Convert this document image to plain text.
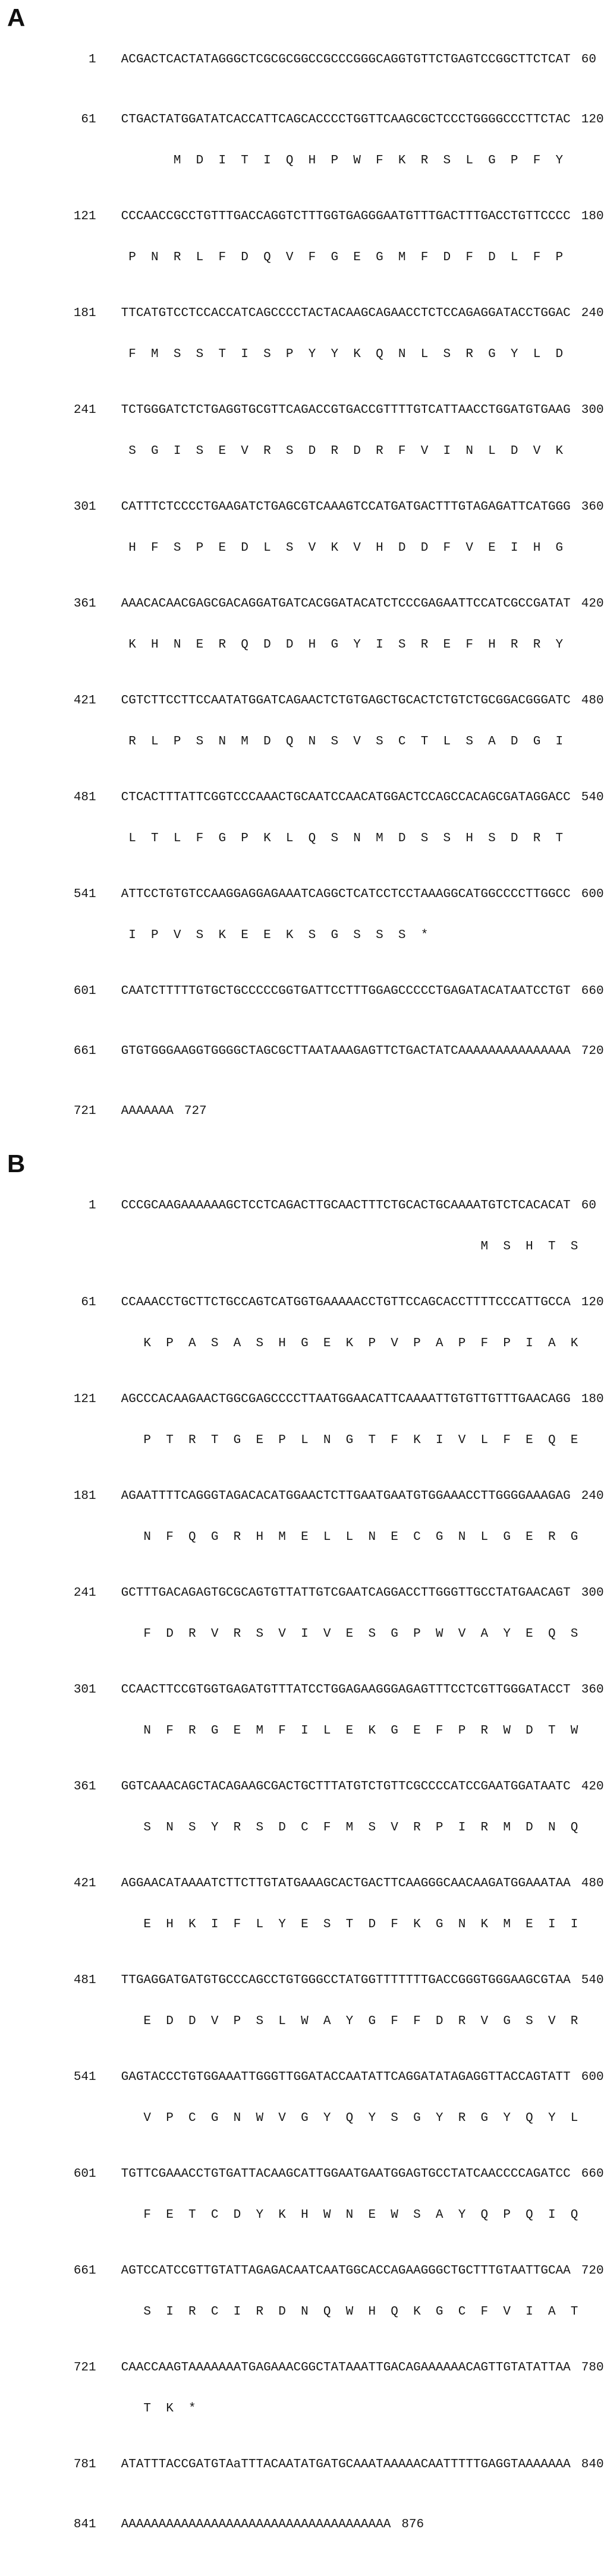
A

1 ACGACTCACTATAGGGCTCGCGCGGCCGCCCGGGCAGGTGTTCTGAGTCCGGCTTCTCAT 60

61 CTGACTATGGATATCACCATTCAGCACCCCTGGTTCAAGCGCTCCCTGGGGCCCTTCTAC 120

M  D  I  T  I  Q  H  P  W  F  K  R  S  L  G  P  F  Y

121 CCCAACCGCCTGTTTGACCAGGTCTTTGGTGAGGGAATGTTTGACTTTGACCTGTTCCCC 180

P  N  R  L  F  D  Q  V  F  G  E  G  M  F  D  F  D  L  F  P

181 TTCATGTCCTCCACCATCAGCCCCTACTACAAGCAGAACCTCTCCAGAGGATACCTGGAC 240

F  M  S  S  T  I  S  P  Y  Y  K  Q  N  L  S  R  G  Y  L  D

241 TCTGGGATCTCTGAGGTGCGTTCAGACCGTGACCGTTTTGTCATTAACCTGGATGTGAAG 300

S  G  I  S  E  V  R  S  D  R  D  R  F  V  I  N  L  D  V  K

301 CATTTCTCCCCTGAAGATCTGAGCGTCAAAGTCCATGATGACTTTGTAGAGATTCATGGG 360

H  F  S  P  E  D  L  S  V  K  V  H  D  D  F  V  E  I  H  G

361 AAACACAACGAGCGACAGGATGATCACGGATACATCTCCCGAGAATTCCATCGCCGATAT 420

K  H  N  E  R  Q  D  D  H  G  Y  I  S  R  E  F  H  R  R  Y

421 CGTCTTCCTTCCAATATGGATCAGAACTCTGTGAGCTGCACTCTGTCTGCGGACGGGATC 480

R  L  P  S  N  M  D  Q  N  S  V  S  C  T  L  S  A  D  G  I

481 CTCACTTTATTCGGTCCCAAACTGCAATCCAACATGGACTCCAGCCACAGCGATAGGACC 540

L  T  L  F  G  P  K  L  Q  S  N  M  D  S  S  H  S  D  R  T

541 ATTCCTGTGTCCAAGGAGGAGAAATCAGGCTCATCCTCCTAAAGGCATGGCCCCTTGGCC 600

I  P  V  S  K  E  E  K  S  G  S  S  S  *

601 CAATCTTTTTGTGCTGCCCCCGGTGATTCCTTTGGAGCCCCCTGAGATACATAATCCTGT 660

661 GTGTGGGAAGGTGGGGCTAGCGCTTAATAAAGAGTTCTGACTATCAAAAAAAAAAAAAAA 720

721 AAAAAAA 727

B

1 CCCGCAAGAAAAAAGCTCCTCAGACTTGCAACTTTCTGCACTGCAAAATGTCTCACACAT 60

M  S  H  T  S

61 CCAAACCTGCTTCTGCCAGTCATGGTGAAAAACCTGTTCCAGCACCTTTTCCCATTGCCA 120

K  P  A  S  A  S  H  G  E  K  P  V  P  A  P  F  P  I  A  K

121 AGCCCACAAGAACTGGCGAGCCCCTTAATGGAACATTCAAAATTGTGTTGTTTGAACAGG 180

P  T  R  T  G  E  P  L  N  G  T  F  K  I  V  L  F  E  Q  E

181 AGAATTTTCAGGGTAGACACATGGAACTCTTGAATGAATGTGGAAACCTTGGGGAAAGAG 240

N  F  Q  G  R  H  M  E  L  L  N  E  C  G  N  L  G  E  R  G

241 GCTTTGACAGAGTGCGCAGTGTTATTGTCGAATCAGGACCTTGGGTTGCCTATGAACAGT 300

F  D  R  V  R  S  V  I  V  E  S  G  P  W  V  A  Y  E  Q  S

301 CCAACTTCCGTGGTGAGATGTTTATCCTGGAGAAGGGAGAGTTTCCTCGTTGGGATACCT 360

N  F  R  G  E  M  F  I  L  E  K  G  E  F  P  R  W  D  T  W

361 GGTCAAACAGCTACAGAAGCGACTGCTTTATGTCTGTTCGCCCCATCCGAATGGATAATC 420

S  N  S  Y  R  S  D  C  F  M  S  V  R  P  I  R  M  D  N  Q

421 AGGAACATAAAATCTTCTTGTATGAAAGCACTGACTTCAAGGGCAACAAGATGGAAATAA 480

E  H  K  I  F  L  Y  E  S  T  D  F  K  G  N  K  M  E  I  I

481 TTGAGGATGATGTGCCCAGCCTGTGGGCCTATGGTTTTTTTGACCGGGTGGGAAGCGTAA 540

E  D  D  V  P  S  L  W  A  Y  G  F  F  D  R  V  G  S  V  R

541 GAGTACCCTGTGGAAATTGGGTTGGATACCAATATTCAGGATATAGAGGTTACCAGTATT 600

V  P  C  G  N  W  V  G  Y  Q  Y  S  G  Y  R  G  Y  Q  Y  L

601 TGTTCGAAACCTGTGATTACAAGCATTGGAATGAATGGAGTGCCTATCAACCCCAGATCC 660

F  E  T  C  D  Y  K  H  W  N  E  W  S  A  Y  Q  P  Q  I  Q

661 AGTCCATCCGTTGTATTAGAGACAATCAATGGCACCAGAAGGGCTGCTTTGTAATTGCAA 720

S  I  R  C  I  R  D  N  Q  W  H  Q  K  G  C  F  V  I  A  T

721 CAACCAAGTAAAAAAATGAGAAACGGCTATAAATTGACAGAAAAAACAGTTGTATATTAA 780

T  K  *

781 ATATTTACCGATGTAaTTTACAATATGATGCAAATAAAAACAATTTTTGAGGTAAAAAAA 840

841 AAAAAAAAAAAAAAAAAAAAAAAAAAAAAAAAAAAA 876
